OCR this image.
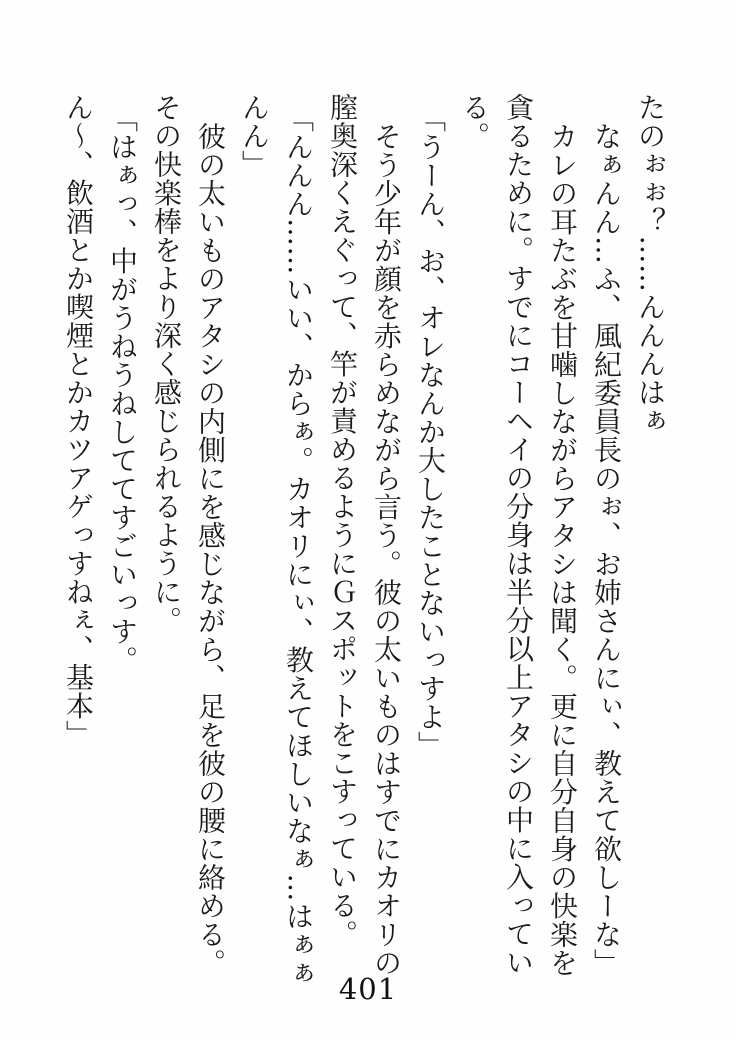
たのぉぉ？……んんんはぁ

なぁんん…ふ、風紀委員長のぉ、お姉さんにぃ、教えて欲しーな」

カレの耳たぶを甘噛しながらアタシは聞く。更に自分自身の快楽を

貪るために。すでにコーヘイの分身は半分以上アタシの中に入ってい

る。

「うーん、お、オレなんか大したことないっすよ」

そう少年が顔を赤らめながら言う。彼の太いものはすでにカオリの

膣奥深くえぐって、竿が責めるようにＧスポットをこすっている。

「んんん……いい、からぁ。カオリにぃ、教えてほしいなぁ…はぁぁ

んん」

彼の太いものアタシの内側にを感じながら、足を彼の腰に絡める。

その快楽棒をより深く感じられるように。

「はぁっ、中がうねうねしててすごいっす。

ん〜、飲酒とか喫煙とかカツアゲっすねぇ、基本」

401
